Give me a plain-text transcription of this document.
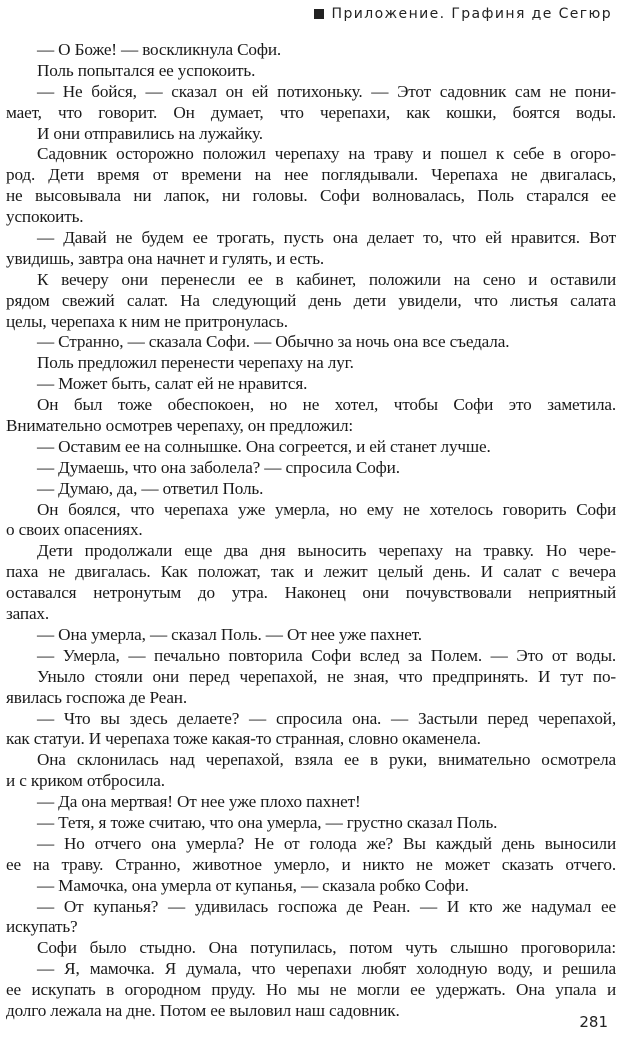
Приложение. Графиня де Сегюр
— О Боже! — воскликнула Софи.
Поль попытался ее успокоить.
— Не бойся, — сказал он ей потихоньку. — Этот садовник сам не пони-
мает, что говорит. Он думает, что черепахи, как кошки, боятся воды.
И они отправились на лужайку.
Садовник осторожно положил черепаху на траву и пошел к себе в огоро-
род. Дети время от времени на нее поглядывали. Черепаха не двигалась,
не высовывала ни лапок, ни головы. Софи волновалась, Поль старался ее
успокоить.
— Давай не будем ее трогать, пусть она делает то, что ей нравится. Вот
увидишь, завтра она начнет и гулять, и есть.
К вечеру они перенесли ее в кабинет, положили на сено и оставили
рядом свежий салат. На следующий день дети увидели, что листья салата
целы, черепаха к ним не притронулась.
— Странно, — сказала Софи. — Обычно за ночь она все съедала.
Поль предложил перенести черепаху на луг.
— Может быть, салат ей не нравится.
Он был тоже обеспокоен, но не хотел, чтобы Софи это заметила.
Внимательно осмотрев черепаху, он предложил:
— Оставим ее на солнышке. Она согреется, и ей станет лучше.
— Думаешь, что она заболела? — спросила Софи.
— Думаю, да, — ответил Поль.
Он боялся, что черепаха уже умерла, но ему не хотелось говорить Софи
о своих опасениях.
Дети продолжали еще два дня выносить черепаху на травку. Но чере-
паха не двигалась. Как положат, так и лежит целый день. И салат с вечера
оставался нетронутым до утра. Наконец они почувствовали неприятный
запах.
— Она умерла, — сказал Поль. — От нее уже пахнет.
— Умерла, — печально повторила Софи вслед за Полем. — Это от воды.
Уныло стояли они перед черепахой, не зная, что предпринять. И тут по-
явилась госпожа де Реан.
— Что вы здесь делаете? — спросила она. — Застыли перед черепахой,
как статуи. И черепаха тоже какая-то странная, словно окаменела.
Она склонилась над черепахой, взяла ее в руки, внимательно осмотрела
и с криком отбросила.
— Да она мертвая! От нее уже плохо пахнет!
— Тетя, я тоже считаю, что она умерла, — грустно сказал Поль.
— Но отчего она умерла? Не от голода же? Вы каждый день выносили
ее на траву. Странно, животное умерло, и никто не может сказать отчего.
— Мамочка, она умерла от купанья, — сказала робко Софи.
— От купанья? — удивилась госпожа де Реан. — И кто же надумал ее
искупать?
Софи было стыдно. Она потупилась, потом чуть слышно проговорила:
— Я, мамочка. Я думала, что черепахи любят холодную воду, и решила
ее искупать в огородном пруду. Но мы не могли ее удержать. Она упала и
долго лежала на дне. Потом ее выловил наш садовник.
281
